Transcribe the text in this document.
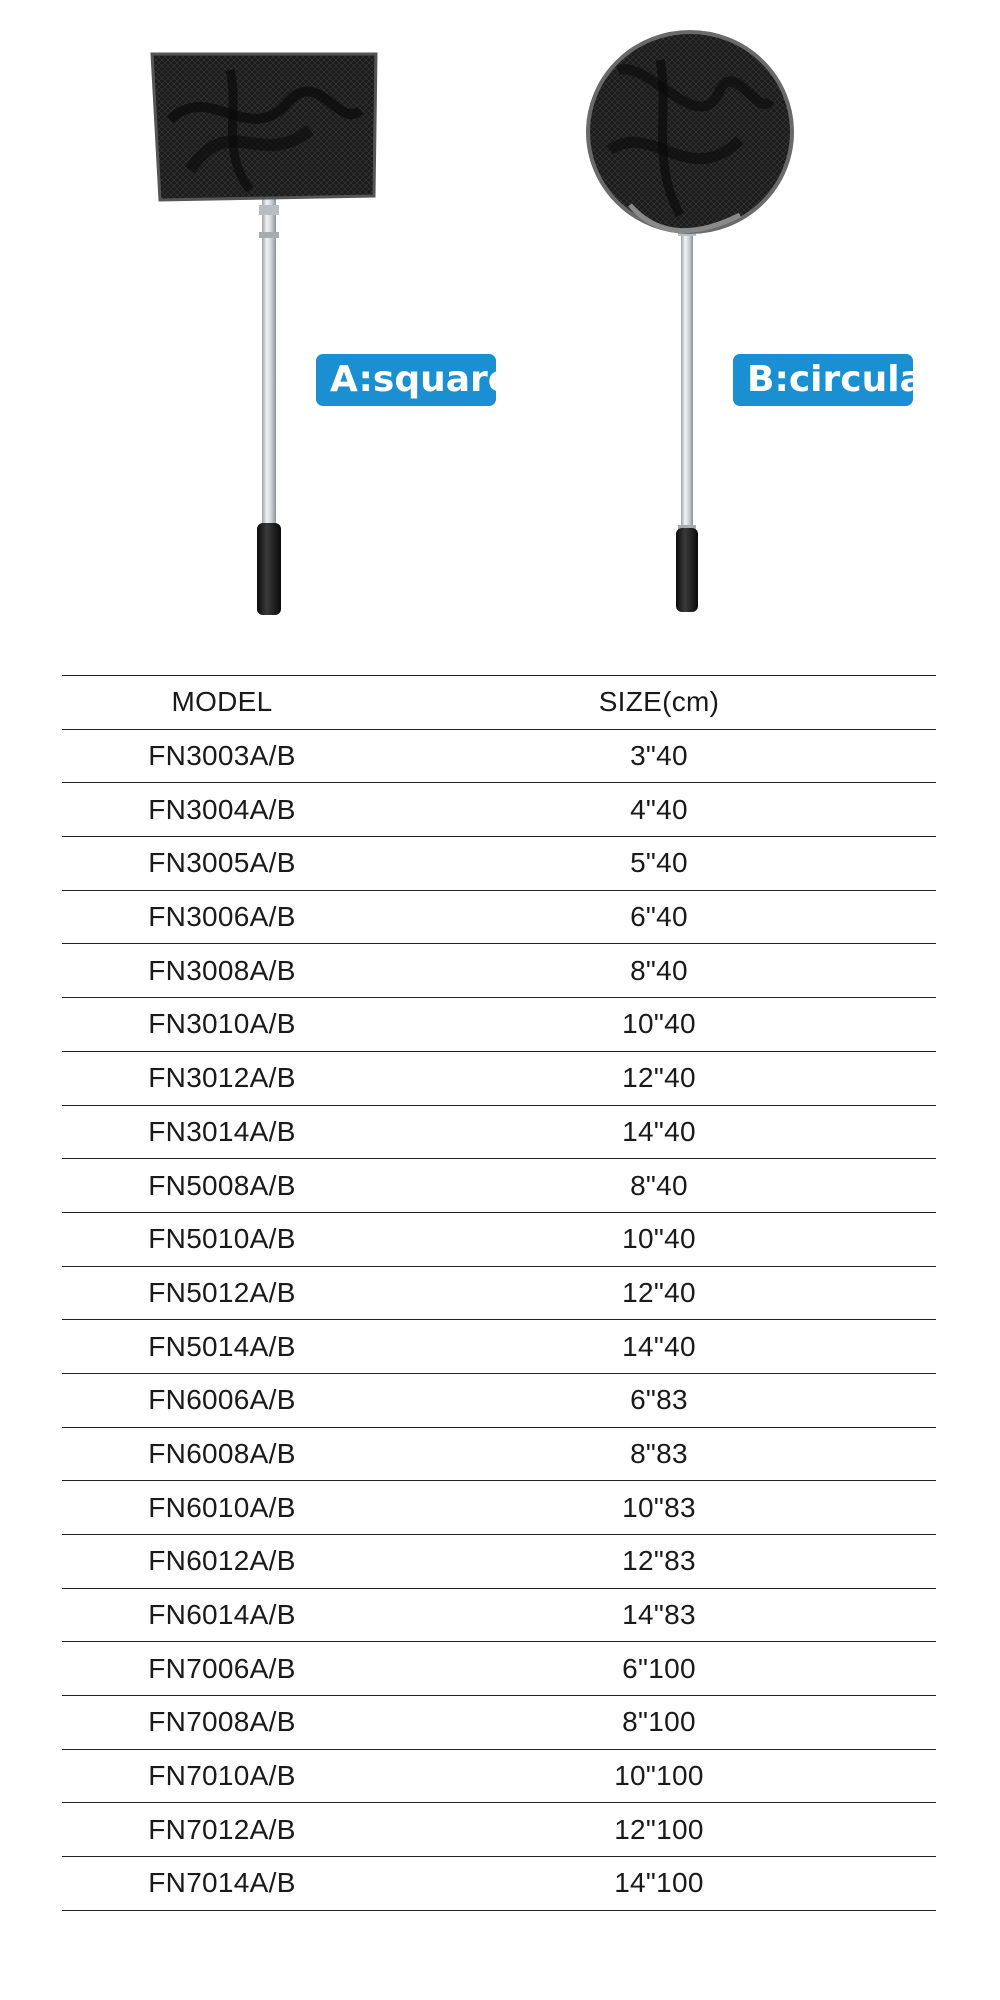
A:square	B:circular
MODEL	SIZE(cm)
FN3003A/B	3"40
FN3004A/B	4"40
FN3005A/B	5"40
FN3006A/B	6"40
FN3008A/B	8"40
FN3010A/B	10"40
FN3012A/B	12"40
FN3014A/B	14"40
FN5008A/B	8"40
FN5010A/B	10"40
FN5012A/B	12"40
FN5014A/B	14"40
FN6006A/B	6"83
FN6008A/B	8"83
FN6010A/B	10"83
FN6012A/B	12"83
FN6014A/B	14"83
FN7006A/B	6"100
FN7008A/B	8"100
FN7010A/B	10"100
FN7012A/B	12"100
FN7014A/B	14"100
